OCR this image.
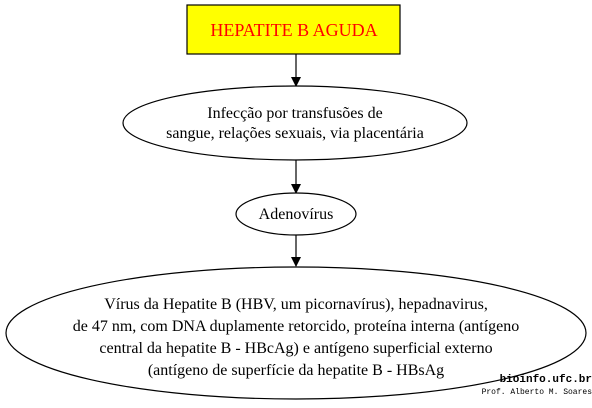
HEPATITE B AGUDA
Infecção por transfusões de
sangue, relações sexuais, via placentária
Adenovírus
Vírus da Hepatite B (HBV, um picornavírus), hepadnavirus,
de 47 nm, com DNA duplamente retorcido, proteína interna (antígeno
central da hepatite B - HBcAg) e antígeno superficial externo
(antígeno de superfície da hepatite B - HBsAg
bioinfo.ufc.br
Prof. Alberto M. Soares
